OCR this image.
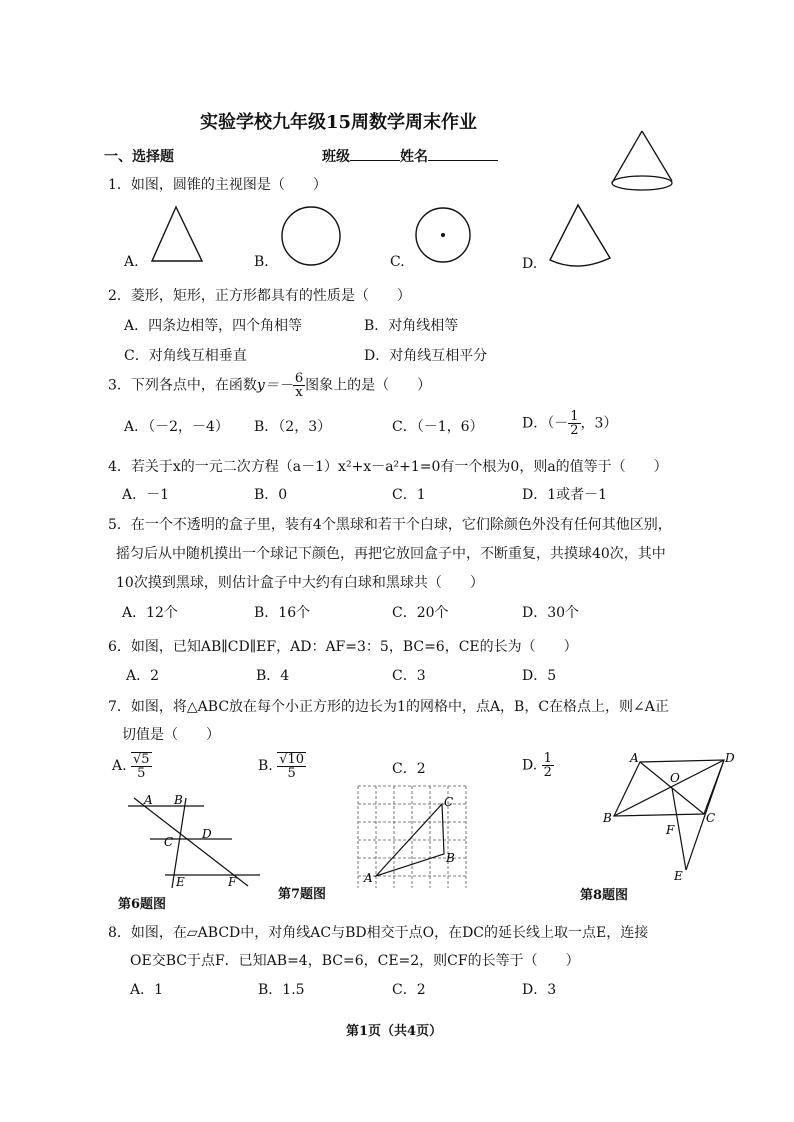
实验学校九年级15周数学周末作业
一、选择题	班级	姓名
1．如图，圆锥的主视图是（　　）
A.	B.	C.	D.
2．菱形，矩形，正方形都具有的性质是（　　）
A．四条边相等，四个角相等	B．对角线相等
C．对角线互相垂直	D．对角线互相平分
3．下列各点中，在函数$y=- \frac{6}{x}$ 图象上的是（　　）
A．（－2，－4） B．（2，3）	C．（－1，6）	D．（－ $\frac{1}{2}$ ，3）
4．若关于x的一元二次方程（a－1）x²+x－a²+1=0有一个根为0，则a的值等于（　　）
A．－1	B．0	C．1	D．1或者－1
5．在一个不透明的盒子里，装有4个黑球和若干个白球，它们除颜色外没有任何其他区别，
摇匀后从中随机摸出一个球记下颜色，再把它放回盒子中，不断重复，共摸球40次，其中
10次摸到黑球，则估计盒子中大约有白球和黑球共（　　）
A．12个	B．16个	C．20个	D．30个
6．如图，已知AB∥CD∥EF，AD：AF=3：5，BC=6，CE的长为（　　）
A．2	B．4	C．3	D．5
7．如图，将△ABC放在每个小正方形的边长为1的网格中，点A，B，C在格点上，则∠A正
切值是（　　）
A. $\frac{√5}{5}$	B. $\frac{√10}{5}$	C．2	D. $\frac{1}{2}$
A B
C
D
E	F
第6题图
A
B
C
第7题图
A	D
O
B	C
F
E
第8题图
8．如图，在▱ABCD中，对角线AC与BD相交于点O，在DC的延长线上取一点E，连接
OE交BC于点F．已知AB=4，BC=6，CE=2，则CF的长等于（　　）
A．1	B．1.5	C．2	D．3
第1页（共4页）
